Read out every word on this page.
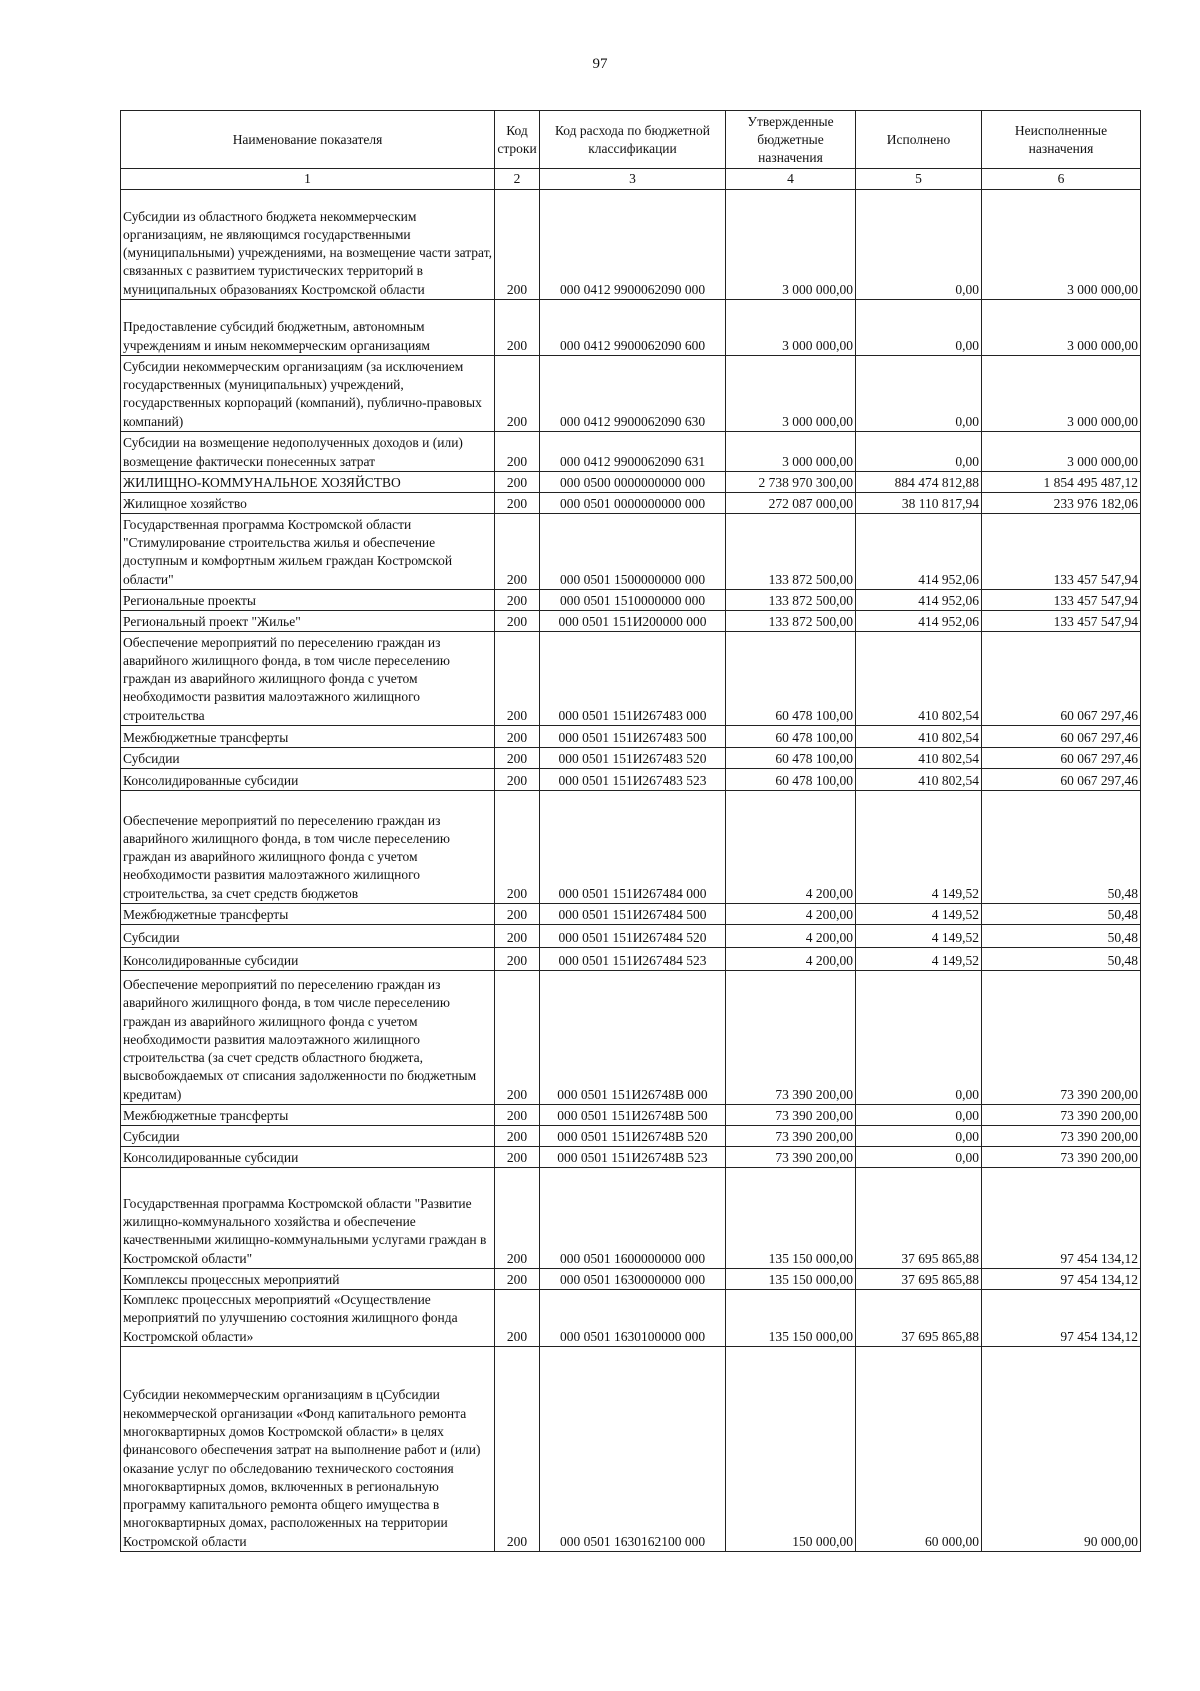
97
Наименование показателя	Код строки	Код расхода по бюджетной классификации	Утвержденные бюджетные назначения	Исполнено	Неисполненные назначения
1	2	3	4	5	6
Субсидии из областного бюджета некоммерческим организациям, не являющимся государственными (муниципальными) учреждениями, на возмещение части затрат, связанных с развитием туристических территорий в муниципальных образованиях Костромской области	200	000 0412 9900062090 000	3 000 000,00	0,00	3 000 000,00
Предоставление субсидий бюджетным, автономным учреждениям и иным некоммерческим организациям	200	000 0412 9900062090 600	3 000 000,00	0,00	3 000 000,00
Субсидии некоммерческим организациям (за исключением государственных (муниципальных) учреждений, государственных корпораций (компаний), публично-правовых компаний)	200	000 0412 9900062090 630	3 000 000,00	0,00	3 000 000,00
Субсидии на возмещение недополученных доходов и (или) возмещение фактически понесенных затрат	200	000 0412 9900062090 631	3 000 000,00	0,00	3 000 000,00
ЖИЛИЩНО-КОММУНАЛЬНОЕ ХОЗЯЙСТВО	200	000 0500 0000000000 000	2 738 970 300,00	884 474 812,88	1 854 495 487,12
Жилищное хозяйство	200	000 0501 0000000000 000	272 087 000,00	38 110 817,94	233 976 182,06
Государственная программа Костромской области "Стимулирование строительства жилья и обеспечение доступным и комфортным жильем граждан Костромской области"	200	000 0501 1500000000 000	133 872 500,00	414 952,06	133 457 547,94
Региональные проекты	200	000 0501 1510000000 000	133 872 500,00	414 952,06	133 457 547,94
Региональный проект "Жилье"	200	000 0501 151И200000 000	133 872 500,00	414 952,06	133 457 547,94
Обеспечение мероприятий по переселению граждан из аварийного жилищного фонда, в том числе переселению граждан из аварийного жилищного фонда с учетом необходимости развития малоэтажного жилищного строительства	200	000 0501 151И267483 000	60 478 100,00	410 802,54	60 067 297,46
Межбюджетные трансферты	200	000 0501 151И267483 500	60 478 100,00	410 802,54	60 067 297,46
Субсидии	200	000 0501 151И267483 520	60 478 100,00	410 802,54	60 067 297,46
Консолидированные субсидии	200	000 0501 151И267483 523	60 478 100,00	410 802,54	60 067 297,46
Обеспечение мероприятий по переселению граждан из аварийного жилищного фонда, в том числе переселению граждан из аварийного жилищного фонда с учетом необходимости развития малоэтажного жилищного строительства, за счет средств бюджетов	200	000 0501 151И267484 000	4 200,00	4 149,52	50,48
Межбюджетные трансферты	200	000 0501 151И267484 500	4 200,00	4 149,52	50,48
Субсидии	200	000 0501 151И267484 520	4 200,00	4 149,52	50,48
Консолидированные субсидии	200	000 0501 151И267484 523	4 200,00	4 149,52	50,48
Обеспечение мероприятий по переселению граждан из аварийного жилищного фонда, в том числе переселению граждан из аварийного жилищного фонда с учетом необходимости развития малоэтажного жилищного строительства (за счет средств областного бюджета, высвобождаемых от списания задолженности по бюджетным кредитам)	200	000 0501 151И26748В 000	73 390 200,00	0,00	73 390 200,00
Межбюджетные трансферты	200	000 0501 151И26748В 500	73 390 200,00	0,00	73 390 200,00
Субсидии	200	000 0501 151И26748В 520	73 390 200,00	0,00	73 390 200,00
Консолидированные субсидии	200	000 0501 151И26748В 523	73 390 200,00	0,00	73 390 200,00
Государственная программа Костромской области "Развитие жилищно-коммунального хозяйства и обеспечение качественными жилищно-коммунальными услугами граждан в Костромской области"	200	000 0501 1600000000 000	135 150 000,00	37 695 865,88	97 454 134,12
Комплексы процессных мероприятий	200	000 0501 1630000000 000	135 150 000,00	37 695 865,88	97 454 134,12
Комплекс процессных мероприятий «Осуществление мероприятий по улучшению состояния жилищного фонда Костромской области»	200	000 0501 1630100000 000	135 150 000,00	37 695 865,88	97 454 134,12
Субсидии некоммерческим организациям в цСубсидии некоммерческой организации «Фонд капитального ремонта многоквартирных домов Костромской области» в целях финансового обеспечения затрат на выполнение работ и (или) оказание услуг по обследованию технического состояния многоквартирных домов, включенных в региональную программу капитального ремонта общего имущества в многоквартирных домах, расположенных на территории Костромской области	200	000 0501 1630162100 000	150 000,00	60 000,00	90 000,00
